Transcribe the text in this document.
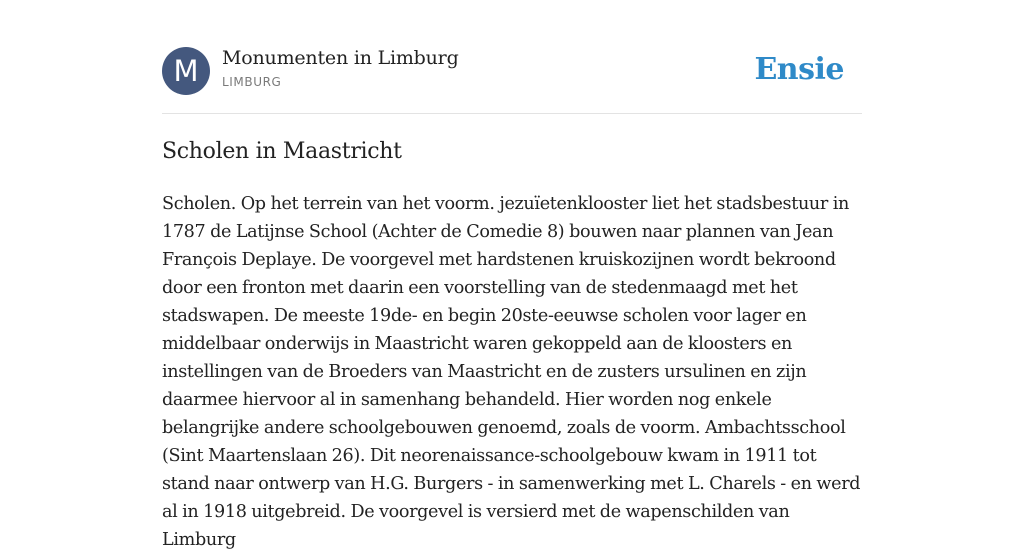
M	Monumenten in Limburg
LIMBURG	Ensie
Scholen in Maastricht

Scholen. Op het terrein van het voorm. jezuïetenklooster liet het stadsbestuur in 1787 de Latijnse School (Achter de Comedie 8) bouwen naar plannen van Jean François Deplaye. De voorgevel met hardstenen kruiskozijnen wordt bekroond door een fronton met daarin een voorstelling van de stedenmaagd met het stadswapen. De meeste 19de- en begin 20ste-eeuwse scholen voor lager en middelbaar onderwijs in Maastricht waren gekoppeld aan de kloosters en instellingen van de Broeders van Maastricht en de zusters ursulinen en zijn daarmee hiervoor al in samenhang behandeld. Hier worden nog enkele belangrijke andere schoolgebouwen genoemd, zoals de voorm. Ambachtsschool (Sint Maartenslaan 26). Dit neorenaissance-schoolgebouw kwam in 1911 tot stand naar ontwerp van H.G. Burgers - in samenwerking met L. Charels - en werd al in 1918 uitgebreid. De voorgevel is versierd met de wapenschilden van Limburg
